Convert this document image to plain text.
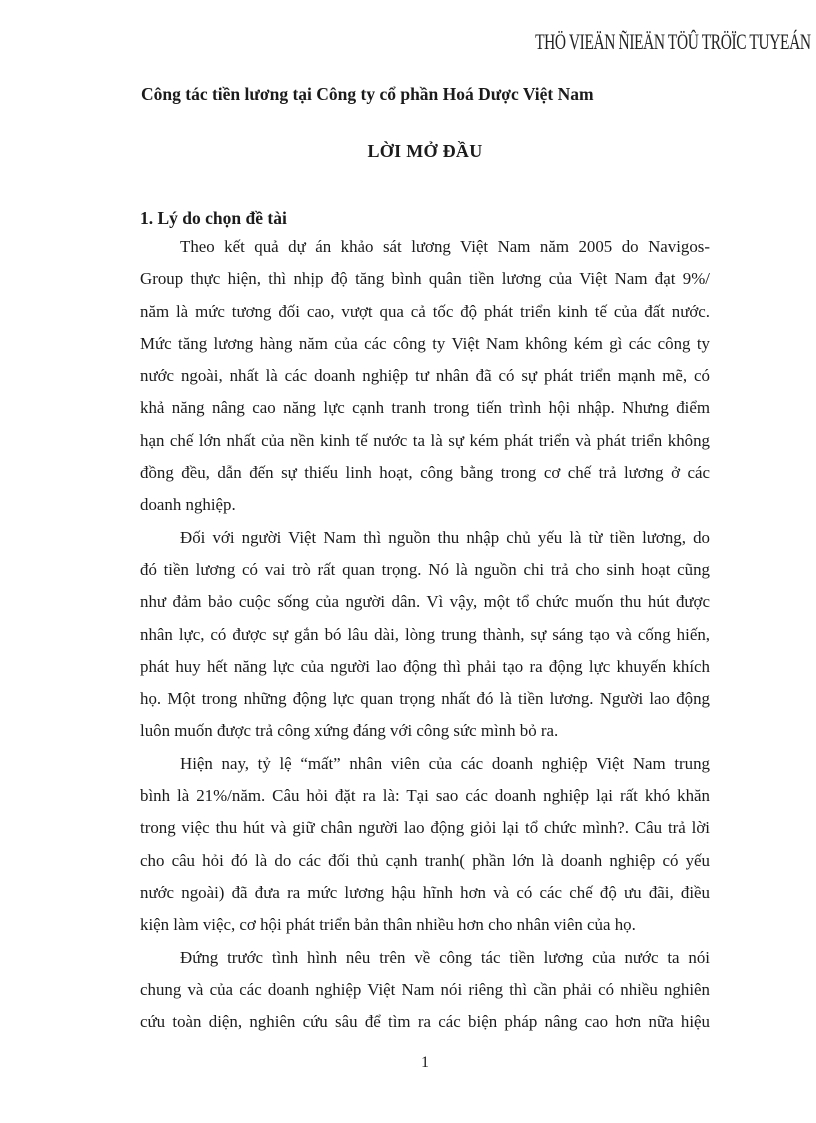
THÖ VIEÄN ÑIEÄN TÖÛ TRÖÏC TUYEÁN
Công tác tiền lương tại Công ty cổ phần Hoá Dược Việt Nam
LỜI MỞ ĐẦU
1. Lý do chọn đề tài
Theo kết quả dự án khảo sát lương Việt Nam năm 2005 do Navigos-
Group thực hiện, thì nhịp độ tăng bình quân tiền lương của Việt Nam đạt 9%/
năm là mức tương đối cao, vượt qua cả tốc độ phát triển kinh tế của đất nước.
Mức tăng lương hàng năm của các công ty Việt Nam không kém gì các công ty
nước ngoài, nhất là các doanh nghiệp tư nhân đã có sự phát triển mạnh mẽ, có
khả năng nâng cao năng lực cạnh tranh trong tiến trình hội nhập. Nhưng điểm
hạn chế lớn nhất của nền kinh tế nước ta là sự kém phát triển và phát triển không
đồng đều, dẫn đến sự thiếu linh hoạt, công bằng trong cơ chế trả lương ở các
doanh nghiệp.
Đối với người Việt Nam thì nguồn thu nhập chủ yếu là từ tiền lương, do
đó tiền lương có vai trò rất quan trọng. Nó là nguồn chi trả cho sinh hoạt cũng
như đảm bảo cuộc sống của người dân. Vì vậy, một tổ chức muốn thu hút được
nhân lực, có được sự gắn bó lâu dài, lòng trung thành, sự sáng tạo và cống hiến,
phát huy hết năng lực của người lao động thì phải tạo ra động lực khuyến khích
họ. Một trong những động lực quan trọng nhất đó là tiền lương. Người lao động
luôn muốn được trả công xứng đáng với công sức mình bỏ ra.
Hiện nay, tỷ lệ “mất” nhân viên của các doanh nghiệp Việt Nam trung
bình là 21%/năm. Câu hỏi đặt ra là: Tại sao các doanh nghiệp lại rất khó khăn
trong việc thu hút và giữ chân người lao động giỏi lại tổ chức mình?. Câu trả lời
cho câu hỏi đó là do các đối thủ cạnh tranh( phần lớn là doanh nghiệp có yếu
nước ngoài) đã đưa ra mức lương hậu hĩnh hơn và có các chế độ ưu đãi, điều
kiện làm việc, cơ hội phát triển bản thân nhiều hơn cho nhân viên của họ.
Đứng trước tình hình nêu trên về công tác tiền lương của nước ta nói
chung và của các doanh nghiệp Việt Nam nói riêng thì cần phải có nhiều nghiên
cứu toàn diện, nghiên cứu sâu để tìm ra các biện pháp nâng cao hơn nữa hiệu
1
